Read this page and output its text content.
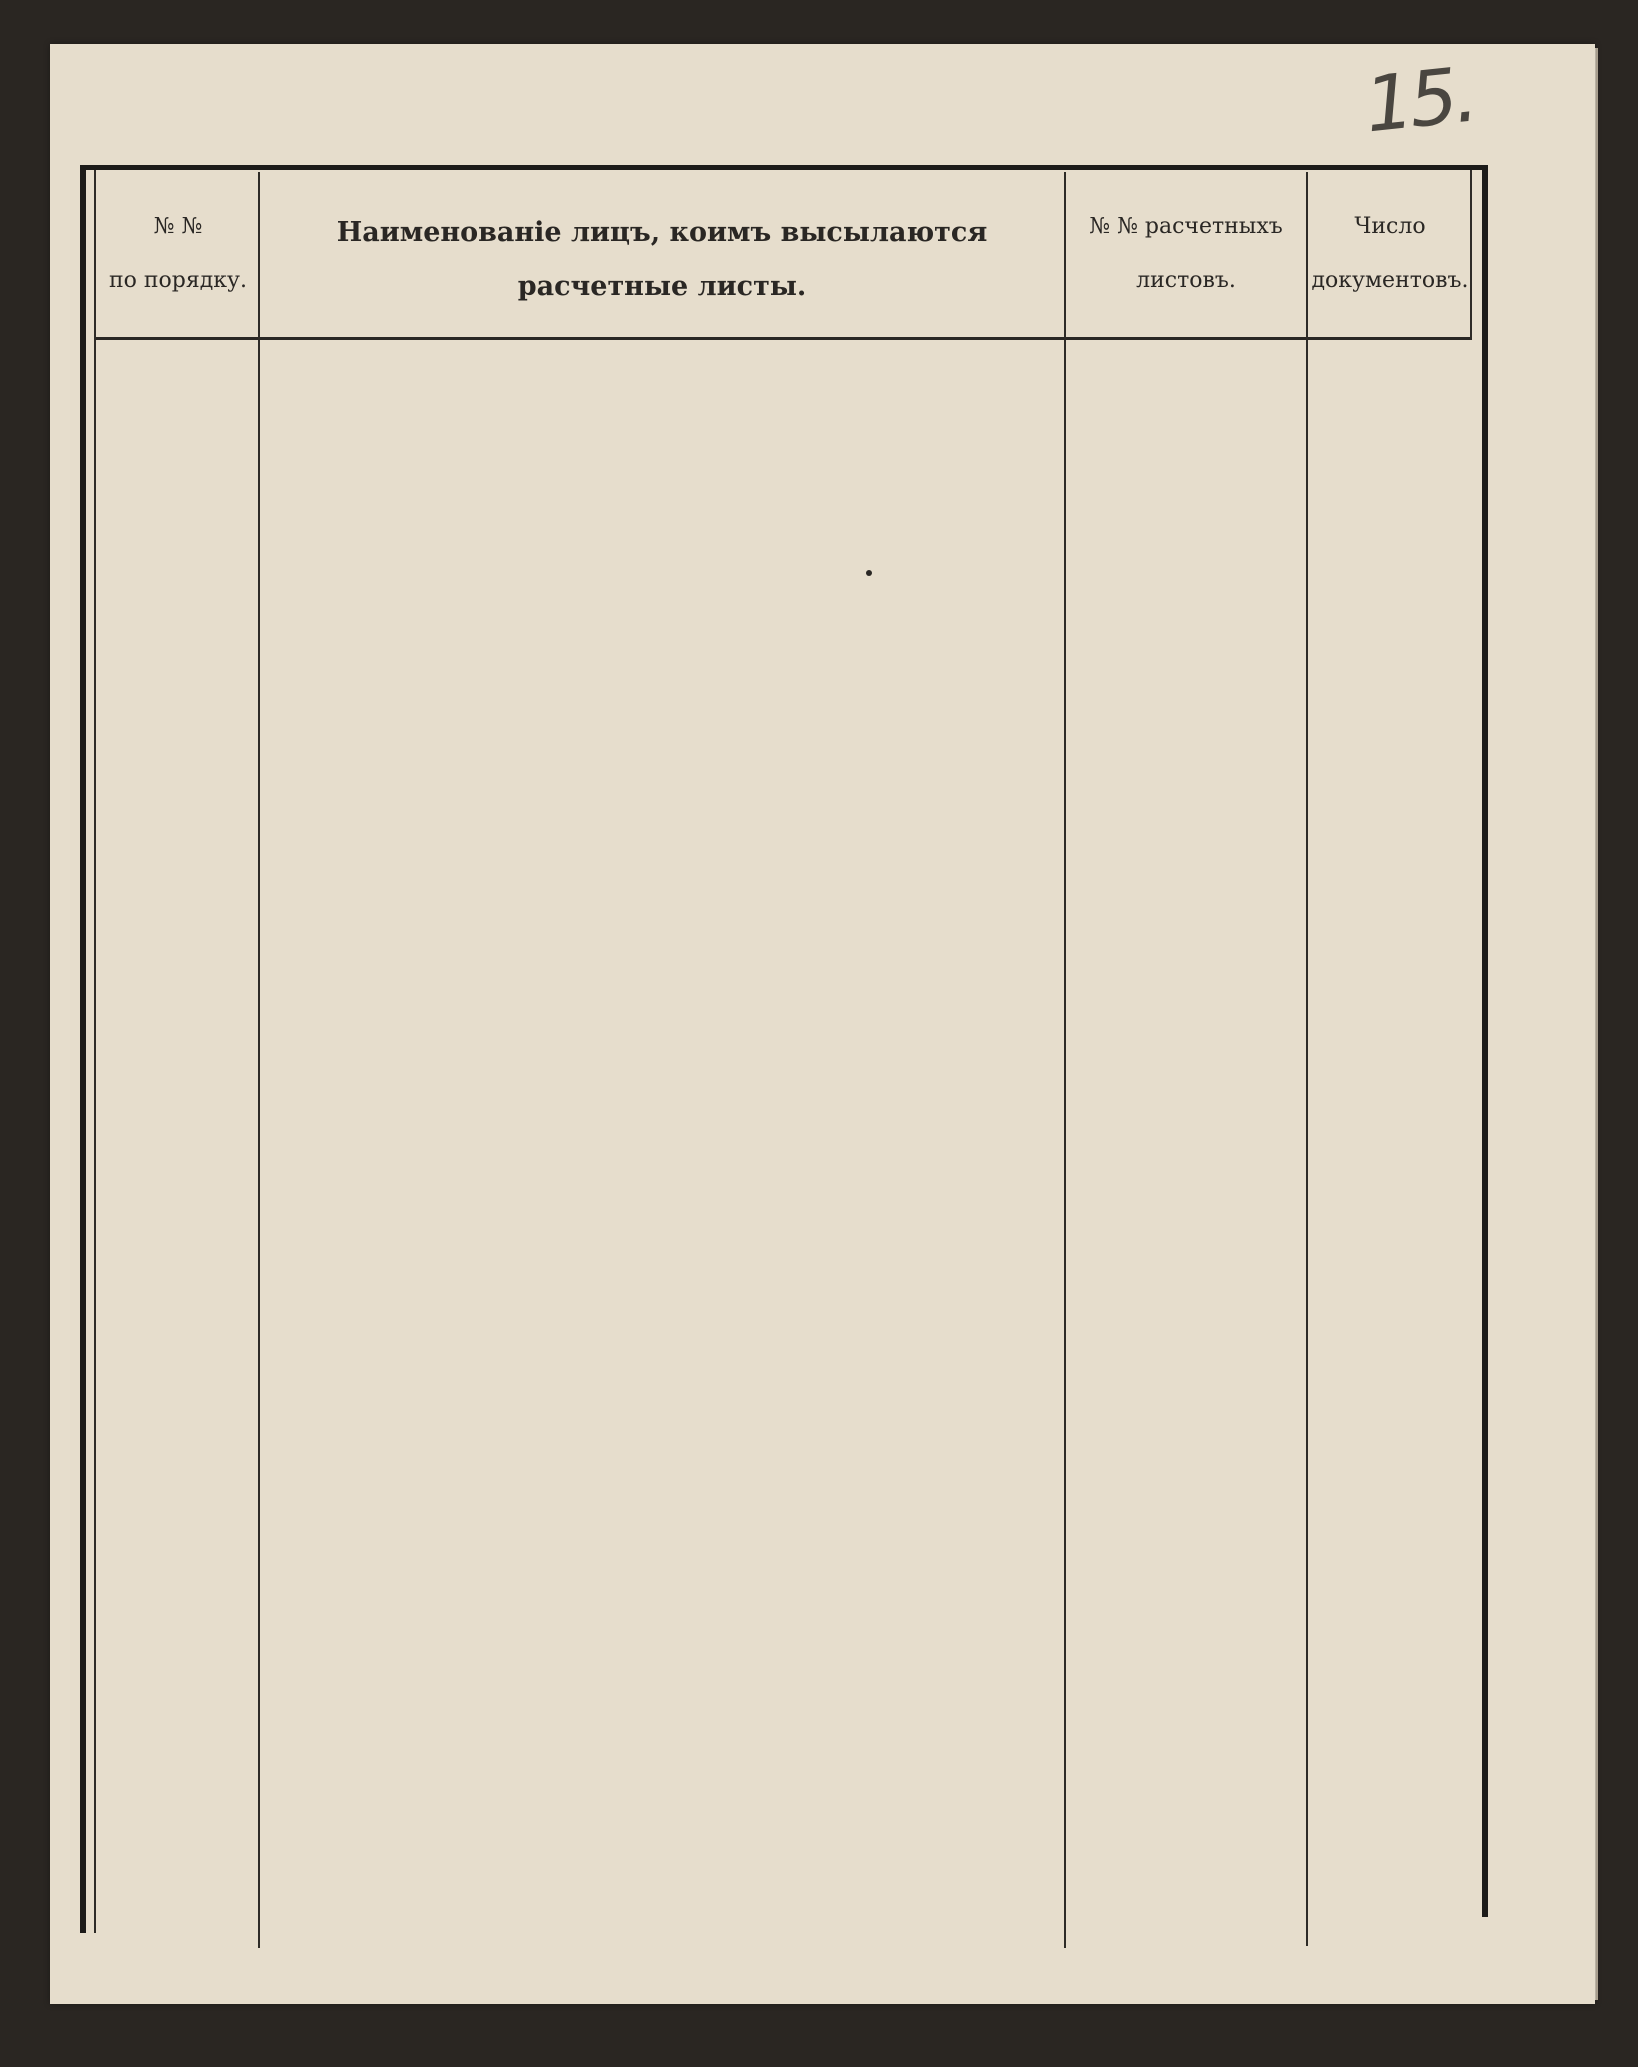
15.
№ №
по порядку.
Наименованіе лицъ, коимъ высылаются
расчетные листы.
№ № расчетныхъ
листовъ.
Число
документовъ.
